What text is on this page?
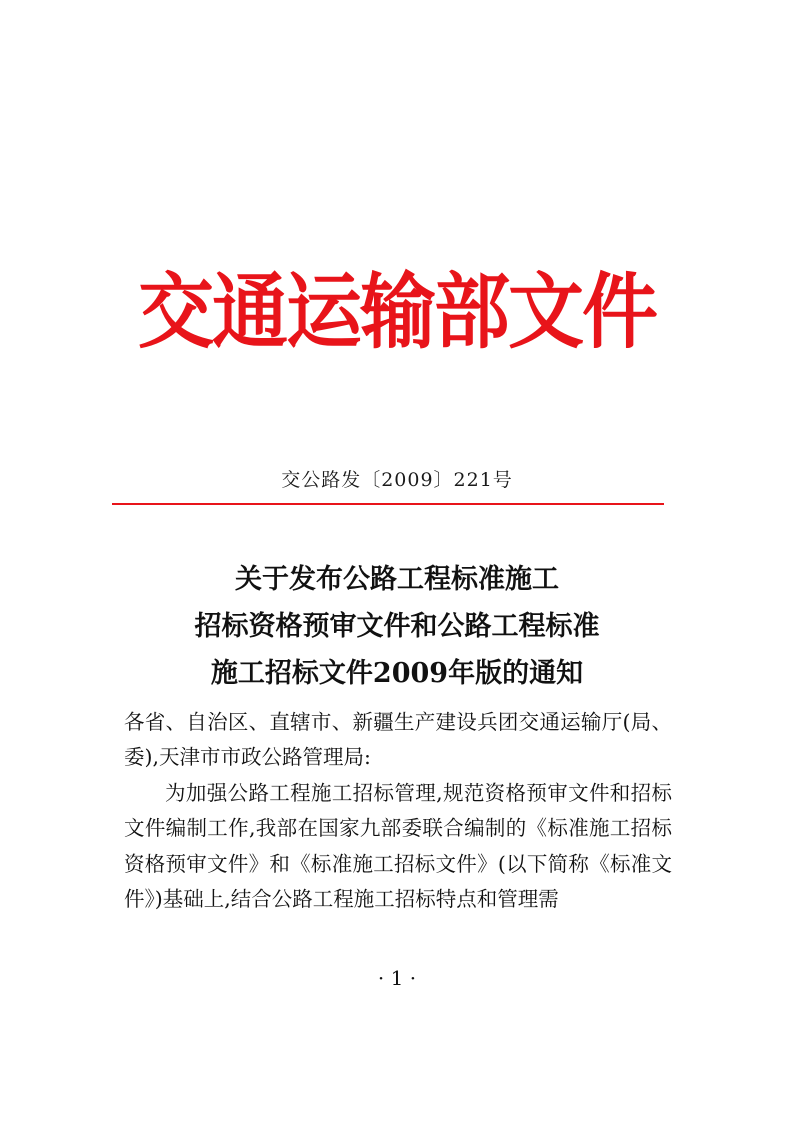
交通运输部文件
交公路发〔2009〕221号
关于发布公路工程标准施工
招标资格预审文件和公路工程标准
施工招标文件2009年版的通知

各省、自治区、直辖市、新疆生产建设兵团交通运输厅(局、委),天津市市政公路管理局:

为加强公路工程施工招标管理,规范资格预审文件和招标文件编制工作,我部在国家九部委联合编制的《标准施工招标资格预审文件》和《标准施工招标文件》(以下简称《标准文件》)基础上,结合公路工程施工招标特点和管理需

· 1 ·
